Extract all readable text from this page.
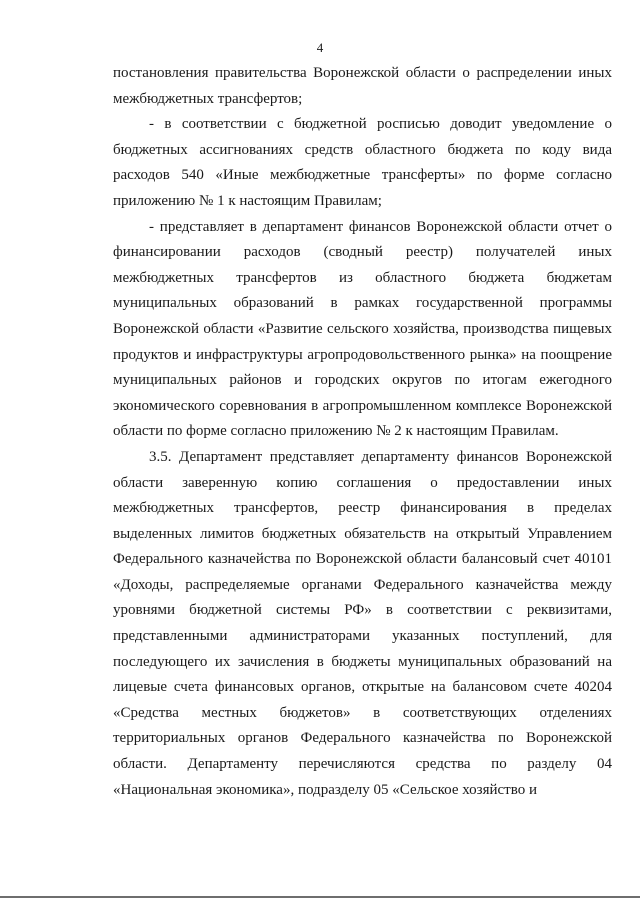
4

постановления правительства Воронежской области о распределении иных межбюджетных трансфертов;

- в соответствии с бюджетной росписью доводит уведомление о бюджетных ассигнованиях средств областного бюджета по коду вида расходов 540 «Иные межбюджетные трансферты» по форме согласно приложению № 1 к настоящим Правилам;

- представляет в департамент финансов Воронежской области отчет о финансировании расходов (сводный реестр) получателей иных межбюджетных трансфертов из областного бюджета бюджетам муниципальных образований в рамках государственной программы Воронежской области «Развитие сельского хозяйства, производства пищевых продуктов и инфраструктуры агропродовольственного рынка» на поощрение муниципальных районов и городских округов по итогам ежегодного экономического соревнования в агропромышленном комплексе Воронежской области по форме согласно приложению № 2 к настоящим Правилам.

3.5. Департамент представляет департаменту финансов Воронежской области заверенную копию соглашения о предоставлении иных межбюджетных трансфертов, реестр финансирования в пределах выделенных лимитов бюджетных обязательств на открытый Управлением Федерального казначейства по Воронежской области балансовый счет 40101 «Доходы, распределяемые органами Федерального казначейства между уровнями бюджетной системы РФ» в соответствии с реквизитами, представленными администраторами указанных поступлений, для последующего их зачисления в бюджеты муниципальных образований на лицевые счета финансовых органов, открытые на балансовом счете 40204 «Средства местных бюджетов» в соответствующих отделениях территориальных органов Федерального казначейства по Воронежской области. Департаменту перечисляются средства по разделу 04 «Национальная экономика», подразделу 05 «Сельское хозяйство и
